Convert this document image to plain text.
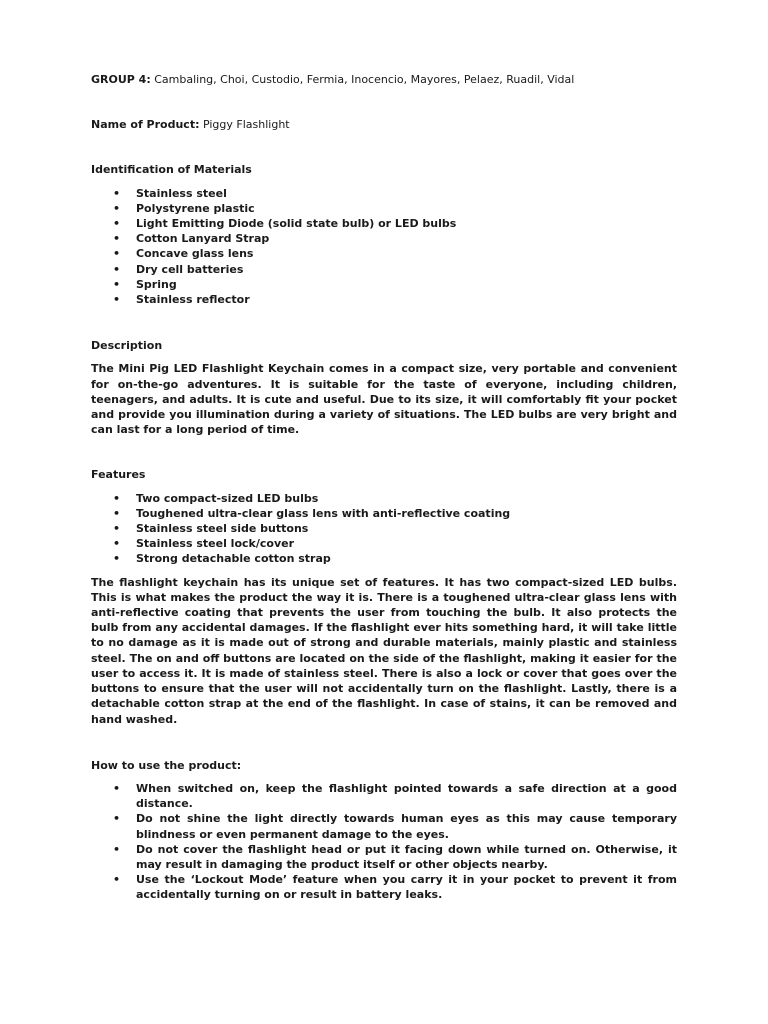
GROUP 4: Cambaling, Choi, Custodio, Fermia, Inocencio, Mayores, Pelaez, Ruadil, Vidal

Name of Product: Piggy Flashlight

Identification of Materials

• Stainless steel
• Polystyrene plastic
• Light Emitting Diode (solid state bulb) or LED bulbs
• Cotton Lanyard Strap
• Concave glass lens
• Dry cell batteries
• Spring
• Stainless reflector

Description

The Mini Pig LED Flashlight Keychain comes in a compact size, very portable and convenient for on-the-go adventures. It is suitable for the taste of everyone, including children, teenagers, and adults. It is cute and useful. Due to its size, it will comfortably fit your pocket and provide you illumination during a variety of situations. The LED bulbs are very bright and can last for a long period of time.

Features

• Two compact-sized LED bulbs
• Toughened ultra-clear glass lens with anti-reflective coating
• Stainless steel side buttons
• Stainless steel lock/cover
• Strong detachable cotton strap

The flashlight keychain has its unique set of features. It has two compact-sized LED bulbs. This is what makes the product the way it is. There is a toughened ultra-clear glass lens with anti-reflective coating that prevents the user from touching the bulb. It also protects the bulb from any accidental damages. If the flashlight ever hits something hard, it will take little to no damage as it is made out of strong and durable materials, mainly plastic and stainless steel. The on and off buttons are located on the side of the flashlight, making it easier for the user to access it. It is made of stainless steel. There is also a lock or cover that goes over the buttons to ensure that the user will not accidentally turn on the flashlight. Lastly, there is a detachable cotton strap at the end of the flashlight. In case of stains, it can be removed and hand washed.

How to use the product:

• When switched on, keep the flashlight pointed towards a safe direction at a good distance.
• Do not shine the light directly towards human eyes as this may cause temporary blindness or even permanent damage to the eyes.
• Do not cover the flashlight head or put it facing down while turned on. Otherwise, it may result in damaging the product itself or other objects nearby.
• Use the ‘Lockout Mode’ feature when you carry it in your pocket to prevent it from accidentally turning on or result in battery leaks.
